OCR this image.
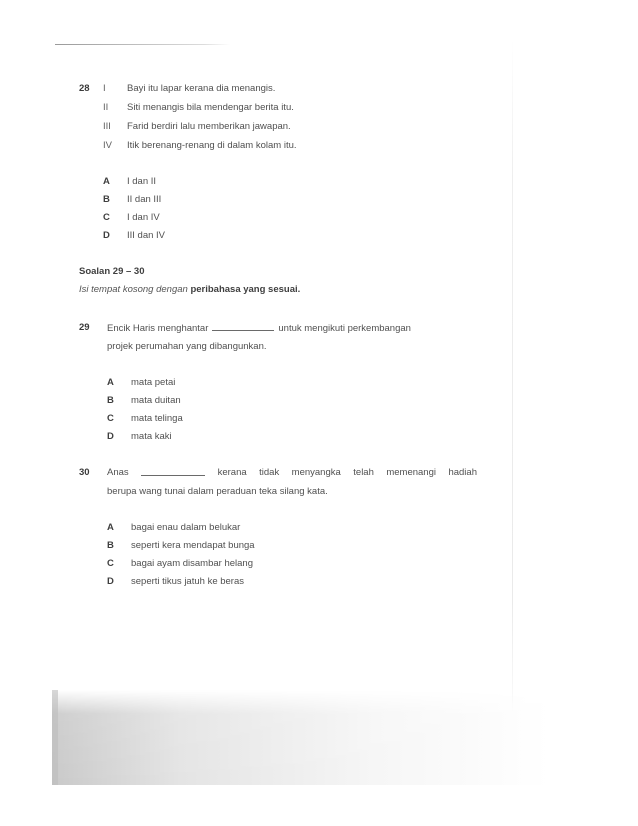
28 I Bayi itu lapar kerana dia menangis.
II Siti menangis bila mendengar berita itu.
III Farid berdiri lalu memberikan jawapan.
IV Itik berenang-renang di dalam kolam itu.
A I dan II
B II dan III
C I dan IV
D III dan IV
Soalan 29 – 30
Isi tempat kosong dengan peribahasa yang sesuai.
29 Encik Haris menghantar	untuk mengikuti perkembangan
projek perumahan yang dibangunkan.
A mata petai
B mata duitan
C mata telinga
D mata kaki
30 Anas	kerana tidak menyangka telah memenangi hadiah
berupa wang tunai dalam peraduan teka silang kata.
A bagai enau dalam belukar
B seperti kera mendapat bunga
C bagai ayam disambar helang
D seperti tikus jatuh ke beras
